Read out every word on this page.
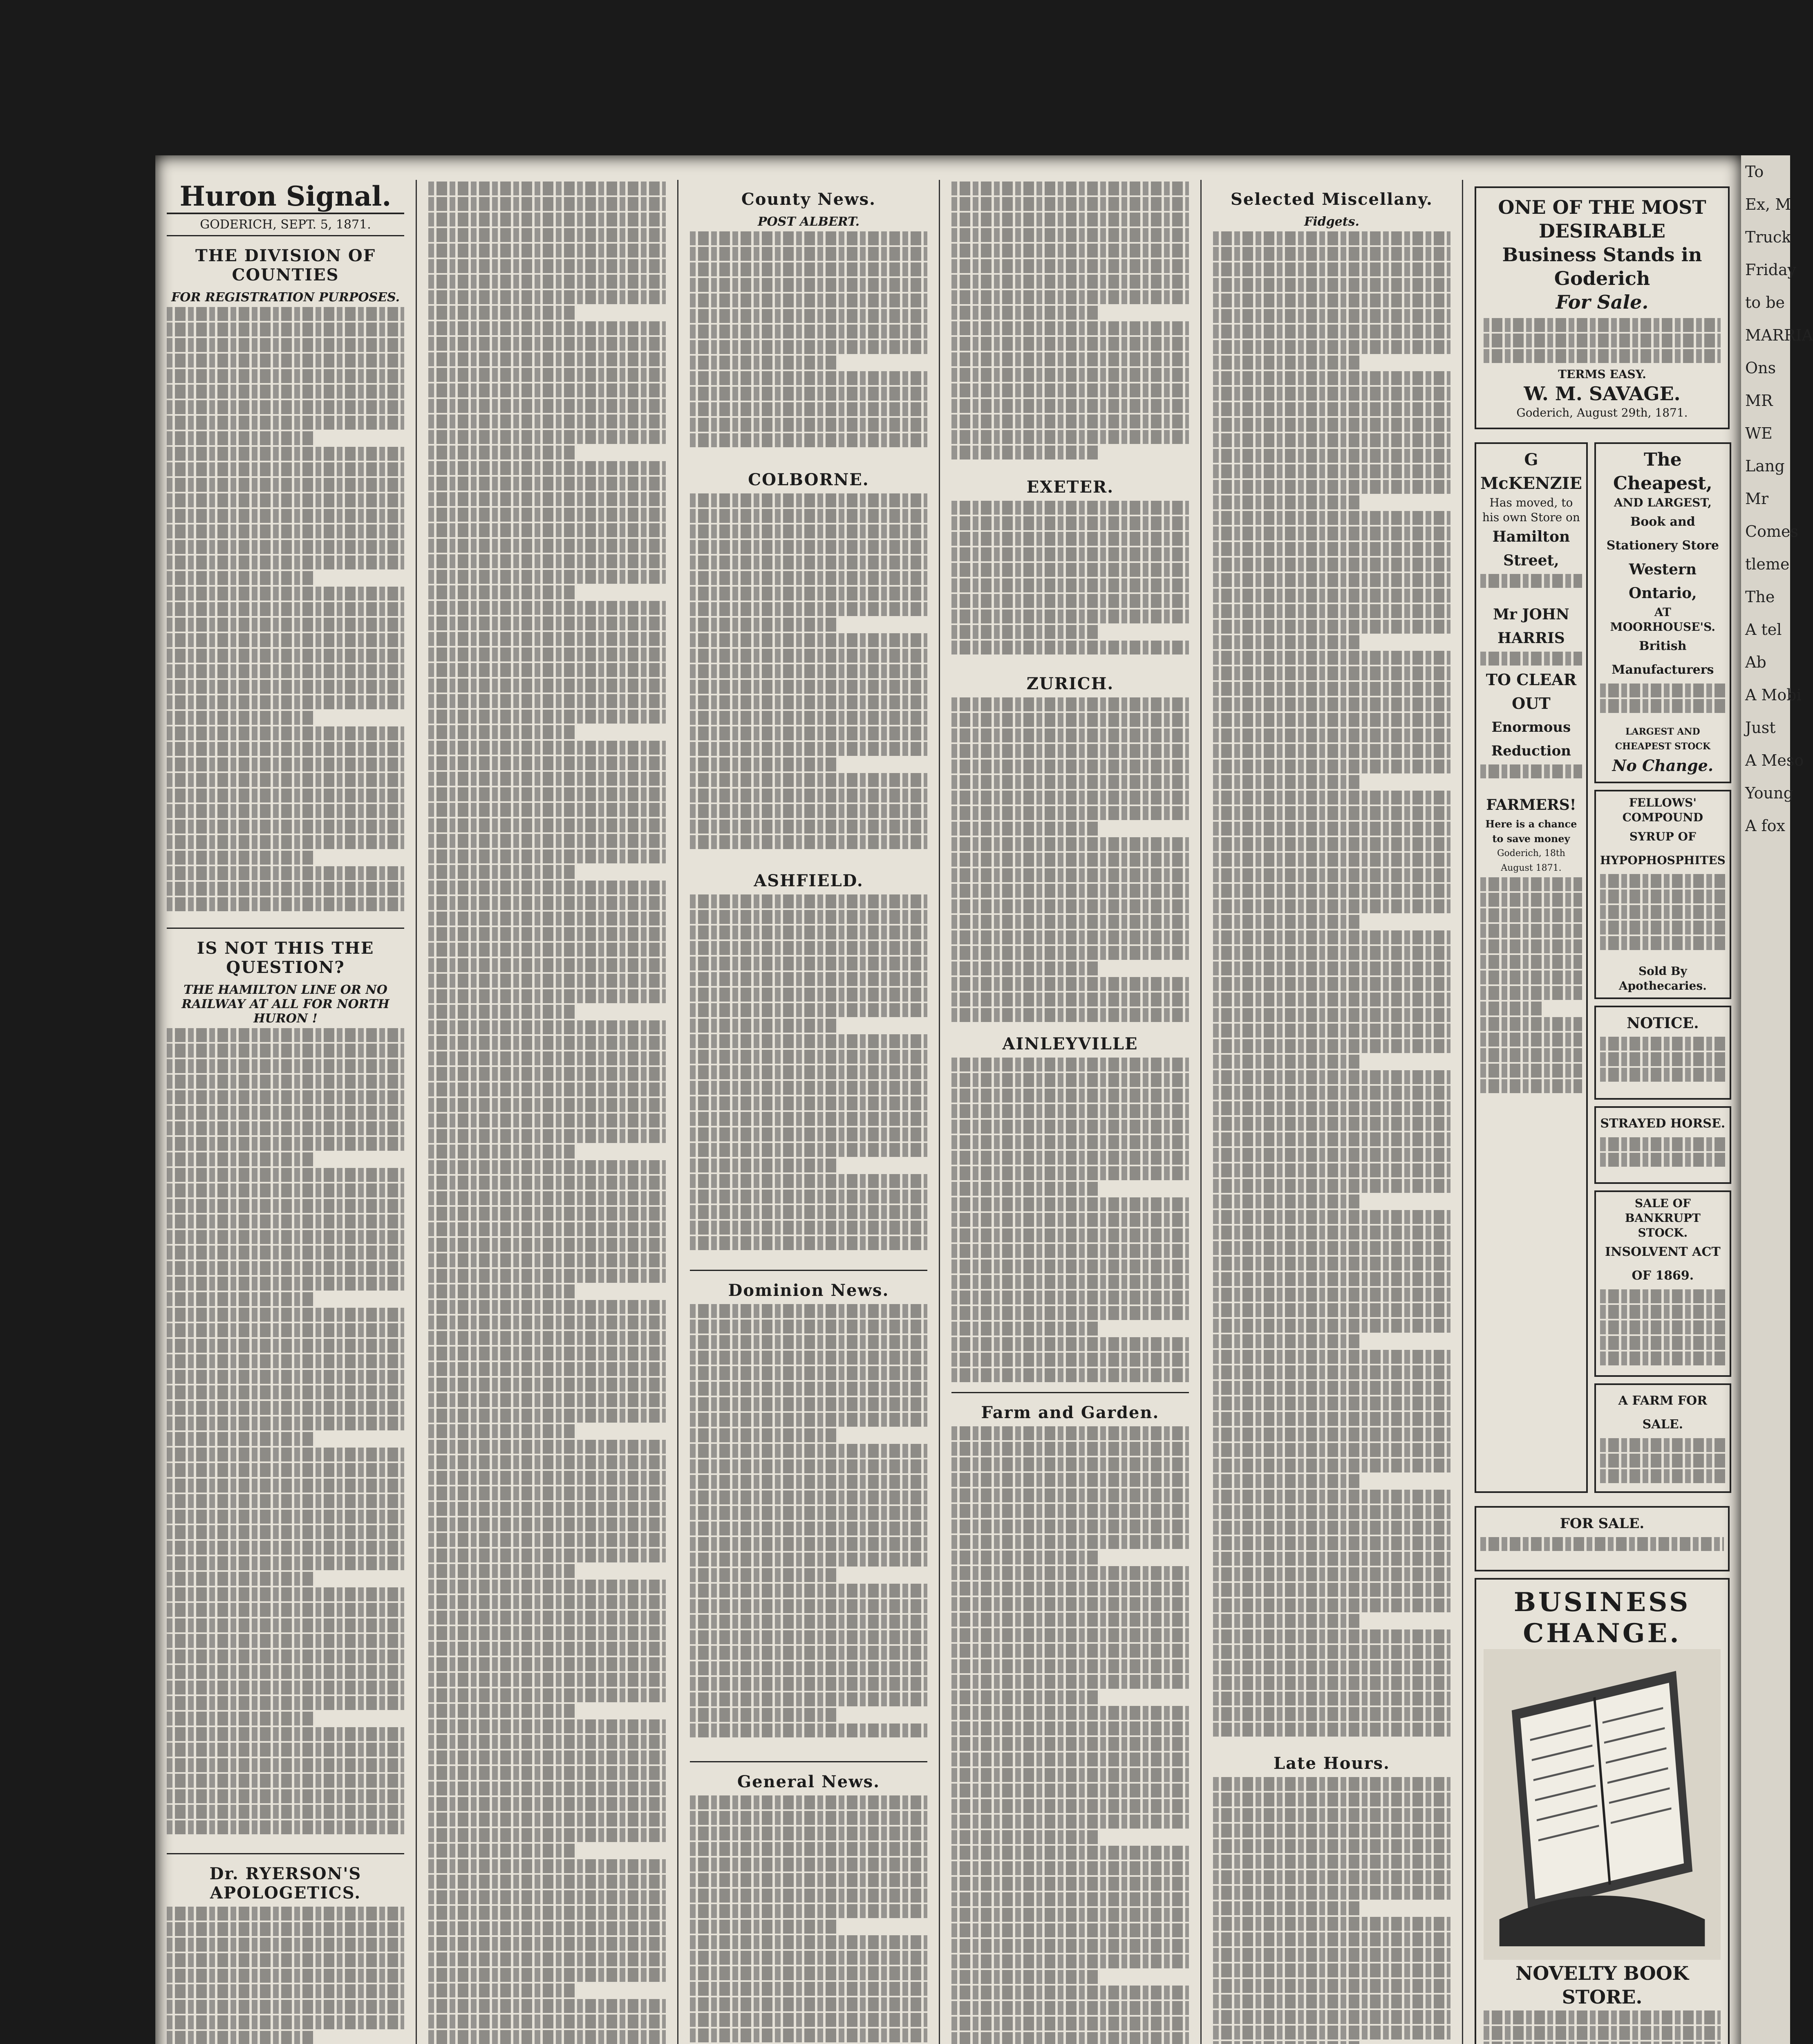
Huron Signal.
GODERICH, SEPT. 5, 1871.
THE DIVISION OF COUNTIES
FOR REGISTRATION PURPOSES.
IS NOT THIS THE QUESTION?
THE HAMILTON LINE OR NO RAILWAY AT ALL FOR NORTH HURON !
Dr. RYERSON'S APOLOGETICS.
County News.
POST ALBERT.
COLBORNE.
ASHFIELD.
Dominion News.
General News.
EXETER.
ZURICH.
AINLEYVILLE
Farm and Garden.
Selected Miscellany.
Fidgets.
Late Hours.
ONE OF THE MOST DESIRABLE
Business Stands in Goderich
For Sale.
TERMS EASY.
W. M. SAVAGE.
Goderich, August 29th, 1871.
G McKENZIE
Has moved, to his own Store on
Hamilton Street,
Mr JOHN HARRIS
TO CLEAR OUT
Enormous Reduction
FARMERS!
Here is a chance to save money
Goderich, 18th August 1871.
The Cheapest,
AND LARGEST,
Book and Stationery Store
Western Ontario,
AT MOORHOUSE'S.
British Manufacturers
LARGEST AND CHEAPEST STOCK
No Change.
FELLOWS' COMPOUND
SYRUP OF HYPOPHOSPHITES
Sold By Apothecaries.
NOTICE.
STRAYED HORSE.
SALE OF BANKRUPT STOCK.
INSOLVENT ACT OF 1869.
A FARM FOR SALE.
FOR SALE.
BUSINESS CHANGE.
NOVELTY BOOK STORE.
To
Ex, M
Truck
Friday
to be
MARRIA
Ons
MR
WE
Lang
Mr
Comes
tleme
The
A tel
Ab
A Mobi
Just
A Meso
Young
A fox
